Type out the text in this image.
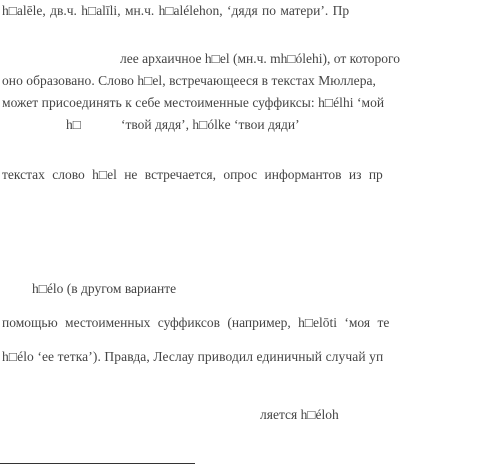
h□alēle, дв.ч. h□alīli, мн.ч. h□alélehon, ‘дядя по матери’. Пр
лее архаичное h□el (мн.ч. mh□ólehi), от которого
оно образовано. Слово h□el, встречающееся в текстах Мюллера,
может присоединять к себе местоименные суффиксы: h□élhi ‘мой
h□	‘твой дядя’, h□ólke ‘твои дяди’
текстах слово h□el не встречается, опрос информантов из пр
h□élo (в другом варианте
помощью местоименных суффиксов (например, h□elōti ‘моя те
h□élo ‘ее тетка’). Правда, Леслау приводил единичный случай уп
ляется h□éloh
